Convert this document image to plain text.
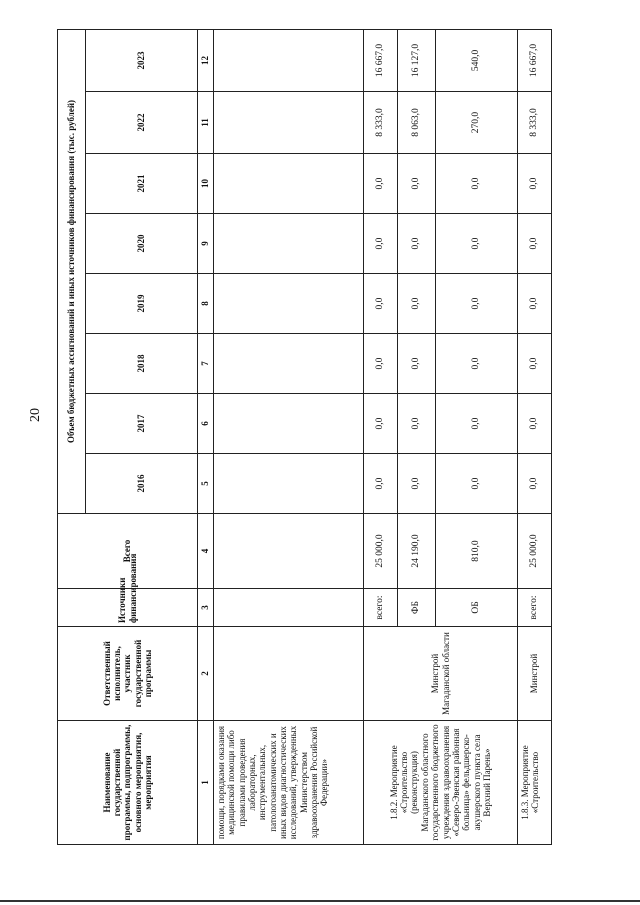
20
Наименование государственной программы, подпрограммы, основного мероприятия, мероприятия	Ответственный исполнитель, участник государственной программы	Источники финансирования	Всего	Объем бюджетных ассигнований и иных источников финансирования (тыс. рублей)							
				2016	2017	2018	2019	2020	2021	2022	2023
1	2	3	4	5	6	7	8	9	10	11	12
помощи, порядками оказания медицинской помощи либо правилами проведения лабораторных, инструментальных, патологоанатомических и иных видов диагностических исследований, утвержденных Министерством здравоохранения Российской Федерации»											
1.8.2. Мероприятие «Строительство (реконструкция) Магаданского областного государственного бюджетного учреждения здравоохранения «Северо-Эвенская районная больница» фельдшерско-акушерского пункта села Верхний Парень»	Минстрой Магаданской области	всего:	25 000,0	0,0	0,0	0,0	0,0	0,0	0,0	8 333,0	16 667,0
		ФБ	24 190,0	0,0	0,0	0,0	0,0	0,0	0,0	8 063,0	16 127,0
		ОБ	810,0	0,0	0,0	0,0	0,0	0,0	0,0	270,0	540,0
1.8.3. Мероприятие «Строительство	Минстрой	всего:	25 000,0	0,0	0,0	0,0	0,0	0,0	0,0	8 333,0	16 667,0
